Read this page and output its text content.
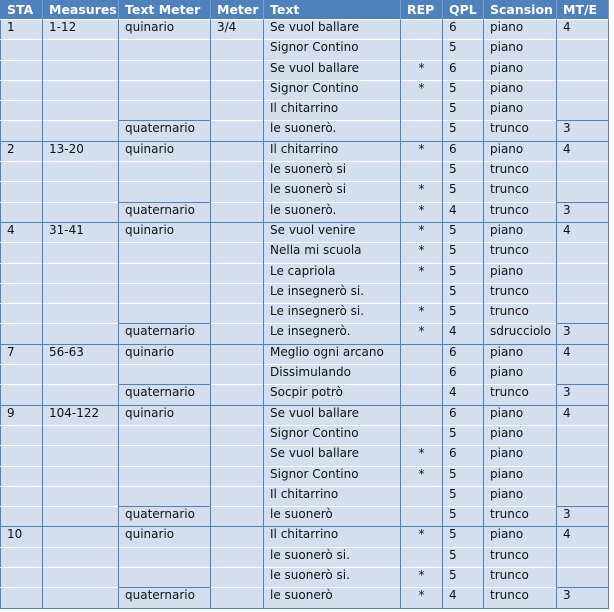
STA	Measures	Text Meter	Meter	Text	REP	QPL	Scansion	MT/E
1	1-12	quinario	3/4	Se vuol ballare		6	piano	4
				Signor Contino		5	piano	
				Se vuol ballare	*	6	piano	
				Signor Contino	*	5	piano	
				Il chitarrino		5	piano	
		quaternario		le suonerò.		5	trunco	3
2	13-20	quinario		Il chitarrino	*	6	piano	4
				le suonerò si		5	trunco	
				le suonerò si	*	5	trunco	
		quaternario		le suonerò.	*	4	trunco	3
4	31-41	quinario		Se vuol venire	*	5	piano	4
				Nella mi scuola	*	5	trunco	
				Le capriola	*	5	piano	
				Le insegnerò si.		5	trunco	
				Le insegnerò si.	*	5	trunco	
		quaternario		Le insegnerò.	*	4	sdrucciolo	3
7	56-63	quinario		Meglio ogni arcano		6	piano	4
				Dissimulando		6	piano	
		quaternario		Socpir potrò		4	trunco	3
9	104-122	quinario		Se vuol ballare		6	piano	4
				Signor Contino		5	piano	
				Se vuol ballare	*	6	piano	
				Signor Contino	*	5	piano	
				Il chitarrino		5	piano	
		quaternario		le suonerò		5	trunco	3
10		quinario		Il chitarrino	*	5	piano	4
				le suonerò si.		5	trunco	
				le suonerò si.	*	5	trunco	
		quaternario		le suonerò	*	4	trunco	3
